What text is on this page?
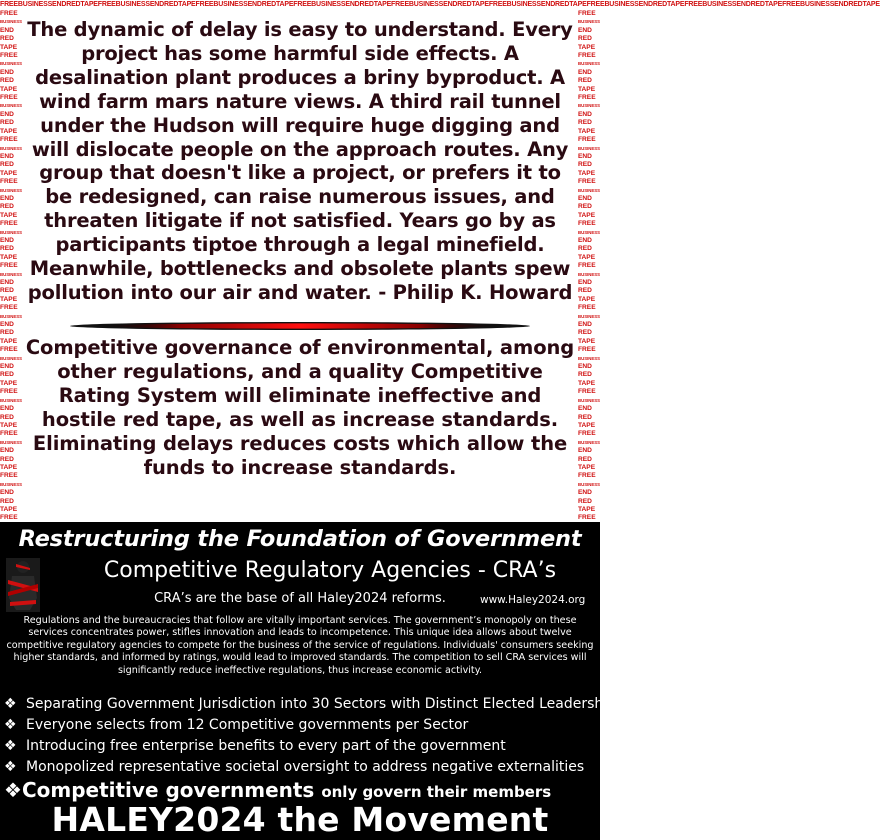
FREEBUSINESSENDREDTAPEFREEBUSINESSENDREDTAPEFREEBUSINESSENDREDTAPEFREEBUSINESSENDREDTAPEFREEBUSINESSENDREDTAPEFREEBUSINESSENDREDTAPEFREEBUSINESSENDREDTAPEFREEBUSINESSENDREDTAPEFREEBUSINESSENDREDTAPE
FREE
BUSINESS
END
RED
TAPE
FREE
BUSINESS
END
RED
TAPE
FREE
BUSINESS
END
RED
TAPE
FREE
BUSINESS
END
RED
TAPE
FREE
BUSINESS
END
RED
TAPE
FREE
BUSINESS
END
RED
TAPE
FREE
BUSINESS
END
RED
TAPE
FREE
BUSINESS
END
RED
TAPE
FREE
BUSINESS
END
RED
TAPE
FREE
BUSINESS
END
RED
TAPE
FREE
BUSINESS
END
RED
TAPE
FREE
BUSINESS
END
RED
TAPE
FREE
FREE
BUSINESS
END
RED
TAPE
FREE
BUSINESS
END
RED
TAPE
FREE
BUSINESS
END
RED
TAPE
FREE
BUSINESS
END
RED
TAPE
FREE
BUSINESS
END
RED
TAPE
FREE
BUSINESS
END
RED
TAPE
FREE
BUSINESS
END
RED
TAPE
FREE
BUSINESS
END
RED
TAPE
FREE
BUSINESS
END
RED
TAPE
FREE
BUSINESS
END
RED
TAPE
FREE
BUSINESS
END
RED
TAPE
FREE
BUSINESS
END
RED
TAPE
FREE
The dynamic of delay is easy to understand. Every project has some harmful side effects. A desalination plant produces a briny byproduct. A wind farm mars nature views. A third rail tunnel under the Hudson will require huge digging and will dislocate people on the approach routes. Any group that doesn't like a project, or prefers it to be redesigned, can raise numerous issues, and threaten litigate if not satisfied. Years go by as participants tiptoe through a legal minefield. Meanwhile, bottlenecks and obsolete plants spew pollution into our air and water. - Philip K. Howard
Competitive governance of environmental, among other regulations, and a quality Competitive Rating System will eliminate ineffective and hostile red tape, as well as increase standards. Eliminating delays reduces costs which allow the funds to increase standards.
Restructuring the Foundation of Government
Competitive Regulatory Agencies - CRA’s
CRA’s are the base of all Haley2024 reforms.	www.Haley2024.org
Regulations and the bureaucracies that follow are vitally important services. The government’s monopoly on these services concentrates power, stifles innovation and leads to incompetence. This unique idea allows about twelve competitive regulatory agencies to compete for the business of the service of regulations. Individuals' consumers seeking higher standards, and informed by ratings, would lead to improved standards. The competition to sell CRA services will significantly reduce ineffective regulations, thus increase economic activity.
❖ Separating Government Jurisdiction into 30 Sectors with Distinct Elected Leadership
❖ Everyone selects from 12 Competitive governments per Sector
❖ Introducing free enterprise benefits to every part of the government
❖ Monopolized representative societal oversight to address negative externalities
❖Competitive governments only govern their members
HALEY2024 the Movement
